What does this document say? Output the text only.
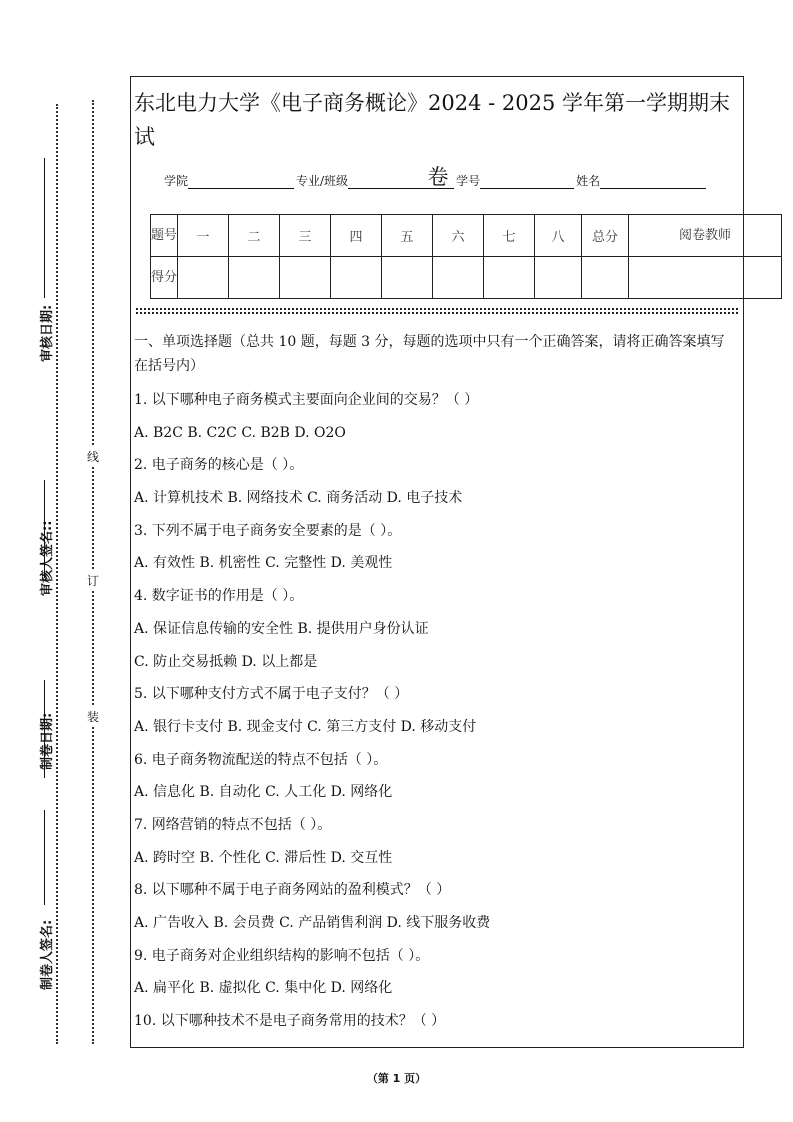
审核日期:
审核人签名::
制卷日期:
制卷人签名:
线
订
装
东北电力大学《电子商务概论》2024 - 2025 学年第一学期期末试
卷
学院	专业/班级	学号	姓名
题号	一	二	三	四	五	六	七	八	总分	阅卷教师
得分										
一、单项选择题（总共 10 题，每题 3 分，每题的选项中只有一个正确答案，请将正确答案填写在括号内）
1. 以下哪种电子商务模式主要面向企业间的交易？（ ）
A. B2C B. C2C C. B2B D. O2O
2. 电子商务的核心是（ ）。
A. 计算机技术 B. 网络技术 C. 商务活动 D. 电子技术
3. 下列不属于电子商务安全要素的是（ ）。
A. 有效性 B. 机密性 C. 完整性 D. 美观性
4. 数字证书的作用是（ ）。
A. 保证信息传输的安全性 B. 提供用户身份认证
C. 防止交易抵赖 D. 以上都是
5. 以下哪种支付方式不属于电子支付？（ ）
A. 银行卡支付 B. 现金支付 C. 第三方支付 D. 移动支付
6. 电子商务物流配送的特点不包括（ ）。
A. 信息化 B. 自动化 C. 人工化 D. 网络化
7. 网络营销的特点不包括（ ）。
A. 跨时空 B. 个性化 C. 滞后性 D. 交互性
8. 以下哪种不属于电子商务网站的盈利模式？（ ）
A. 广告收入 B. 会员费 C. 产品销售利润 D. 线下服务收费
9. 电子商务对企业组织结构的影响不包括（ ）。
A. 扁平化 B. 虚拟化 C. 集中化 D. 网络化
10. 以下哪种技术不是电子商务常用的技术？（ ）
（第 1 页）
